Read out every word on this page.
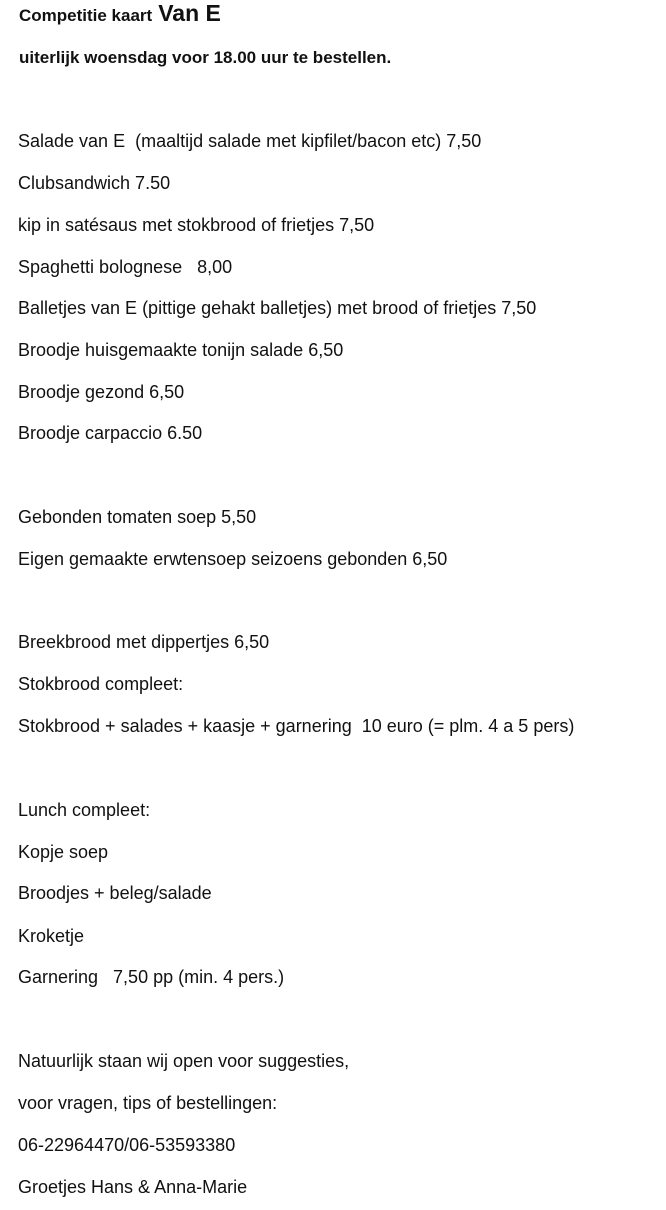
Competitie kaart Van E
uiterlijk woensdag voor 18.00 uur te bestellen.
Salade van E  (maaltijd salade met kipfilet/bacon etc) 7,50
Clubsandwich 7.50
kip in satésaus met stokbrood of frietjes 7,50
Spaghetti bolognese   8,00
Balletjes van E (pittige gehakt balletjes) met brood of frietjes 7,50
Broodje huisgemaakte tonijn salade 6,50
Broodje gezond 6,50
Broodje carpaccio 6.50
Gebonden tomaten soep 5,50
Eigen gemaakte erwtensoep seizoens gebonden 6,50
Breekbrood met dippertjes 6,50
Stokbrood compleet:
Stokbrood + salades + kaasje + garnering  10 euro (= plm. 4 a 5 pers)
Lunch compleet:
Kopje soep
Broodjes + beleg/salade
Kroketje
Garnering   7,50 pp (min. 4 pers.)
Natuurlijk staan wij open voor suggesties,
voor vragen, tips of bestellingen:
06-22964470/06-53593380
Groetjes Hans & Anna-Marie
